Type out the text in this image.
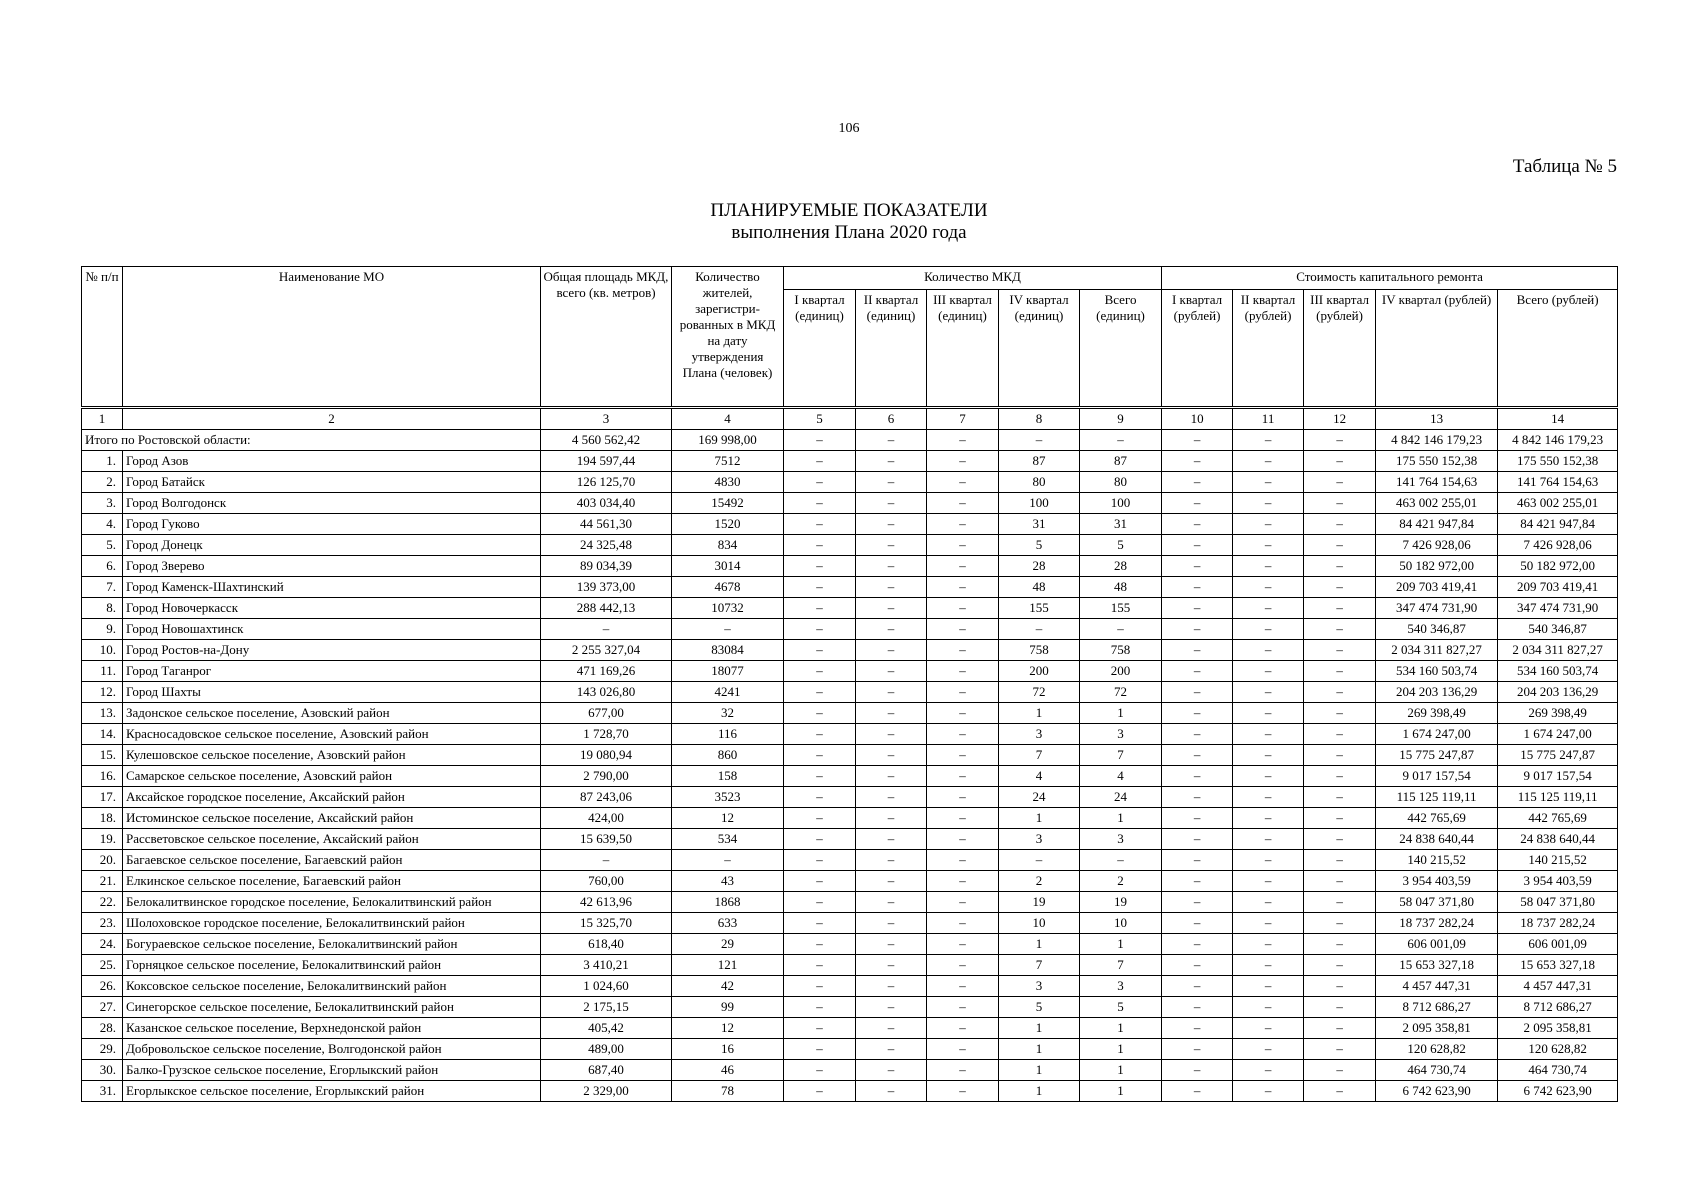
106
Таблица № 5
ПЛАНИРУЕМЫЕ ПОКАЗАТЕЛИ
выполнения Плана 2020 года
№ п/п	Наименование МО	Общая площадь МКД, всего (кв. метров)	Количество жителей, зарегистри-рованных в МКД на дату утверждения Плана (человек)	Количество МКД					Стоимость капитального ремонта				
				I квартал (единиц)	II квартал (единиц)	III квартал (единиц)	IV квартал (единиц)	Всего (единиц)	I квартал (рублей)	II квартал (рублей)	III квартал (рублей)	IV квартал (рублей)	Всего (рублей)
1	2	3	4	5	6	7	8	9	10	11	12	13	14
Итого по Ростовской области:		4 560 562,42	169 998,00	–	–	–	–	–	–	–	–	4 842 146 179,23	4 842 146 179,23
1.	Город Азов	194 597,44	7512	–	–	–	87	87	–	–	–	175 550 152,38	175 550 152,38
2.	Город Батайск	126 125,70	4830	–	–	–	80	80	–	–	–	141 764 154,63	141 764 154,63
3.	Город Волгодонск	403 034,40	15492	–	–	–	100	100	–	–	–	463 002 255,01	463 002 255,01
4.	Город Гуково	44 561,30	1520	–	–	–	31	31	–	–	–	84 421 947,84	84 421 947,84
5.	Город Донецк	24 325,48	834	–	–	–	5	5	–	–	–	7 426 928,06	7 426 928,06
6.	Город Зверево	89 034,39	3014	–	–	–	28	28	–	–	–	50 182 972,00	50 182 972,00
7.	Город Каменск-Шахтинский	139 373,00	4678	–	–	–	48	48	–	–	–	209 703 419,41	209 703 419,41
8.	Город Новочеркасск	288 442,13	10732	–	–	–	155	155	–	–	–	347 474 731,90	347 474 731,90
9.	Город Новошахтинск	–	–	–	–	–	–	–	–	–	–	540 346,87	540 346,87
10.	Город Ростов-на-Дону	2 255 327,04	83084	–	–	–	758	758	–	–	–	2 034 311 827,27	2 034 311 827,27
11.	Город Таганрог	471 169,26	18077	–	–	–	200	200	–	–	–	534 160 503,74	534 160 503,74
12.	Город Шахты	143 026,80	4241	–	–	–	72	72	–	–	–	204 203 136,29	204 203 136,29
13.	Задонское сельское поселение, Азовский район	677,00	32	–	–	–	1	1	–	–	–	269 398,49	269 398,49
14.	Красносадовское сельское поселение, Азовский район	1 728,70	116	–	–	–	3	3	–	–	–	1 674 247,00	1 674 247,00
15.	Кулешовское сельское поселение, Азовский район	19 080,94	860	–	–	–	7	7	–	–	–	15 775 247,87	15 775 247,87
16.	Самарское сельское поселение, Азовский район	2 790,00	158	–	–	–	4	4	–	–	–	9 017 157,54	9 017 157,54
17.	Аксайское городское поселение, Аксайский район	87 243,06	3523	–	–	–	24	24	–	–	–	115 125 119,11	115 125 119,11
18.	Истоминское сельское поселение, Аксайский район	424,00	12	–	–	–	1	1	–	–	–	442 765,69	442 765,69
19.	Рассветовское сельское поселение, Аксайский район	15 639,50	534	–	–	–	3	3	–	–	–	24 838 640,44	24 838 640,44
20.	Багаевское сельское поселение, Багаевский район	–	–	–	–	–	–	–	–	–	–	140 215,52	140 215,52
21.	Елкинское сельское поселение, Багаевский район	760,00	43	–	–	–	2	2	–	–	–	3 954 403,59	3 954 403,59
22.	Белокалитвинское городское поселение, Белокалитвинский район	42 613,96	1868	–	–	–	19	19	–	–	–	58 047 371,80	58 047 371,80
23.	Шолоховское городское поселение, Белокалитвинский район	15 325,70	633	–	–	–	10	10	–	–	–	18 737 282,24	18 737 282,24
24.	Богураевское сельское поселение, Белокалитвинский район	618,40	29	–	–	–	1	1	–	–	–	606 001,09	606 001,09
25.	Горняцкое сельское поселение, Белокалитвинский район	3 410,21	121	–	–	–	7	7	–	–	–	15 653 327,18	15 653 327,18
26.	Коксовское сельское поселение, Белокалитвинский район	1 024,60	42	–	–	–	3	3	–	–	–	4 457 447,31	4 457 447,31
27.	Синегорское сельское поселение, Белокалитвинский район	2 175,15	99	–	–	–	5	5	–	–	–	8 712 686,27	8 712 686,27
28.	Казанское сельское поселение, Верхнедонской район	405,42	12	–	–	–	1	1	–	–	–	2 095 358,81	2 095 358,81
29.	Добровольское сельское поселение, Волгодонской район	489,00	16	–	–	–	1	1	–	–	–	120 628,82	120 628,82
30.	Балко-Грузское сельское поселение, Егорлыкский район	687,40	46	–	–	–	1	1	–	–	–	464 730,74	464 730,74
31.	Егорлыкское сельское поселение, Егорлыкский район	2 329,00	78	–	–	–	1	1	–	–	–	6 742 623,90	6 742 623,90
